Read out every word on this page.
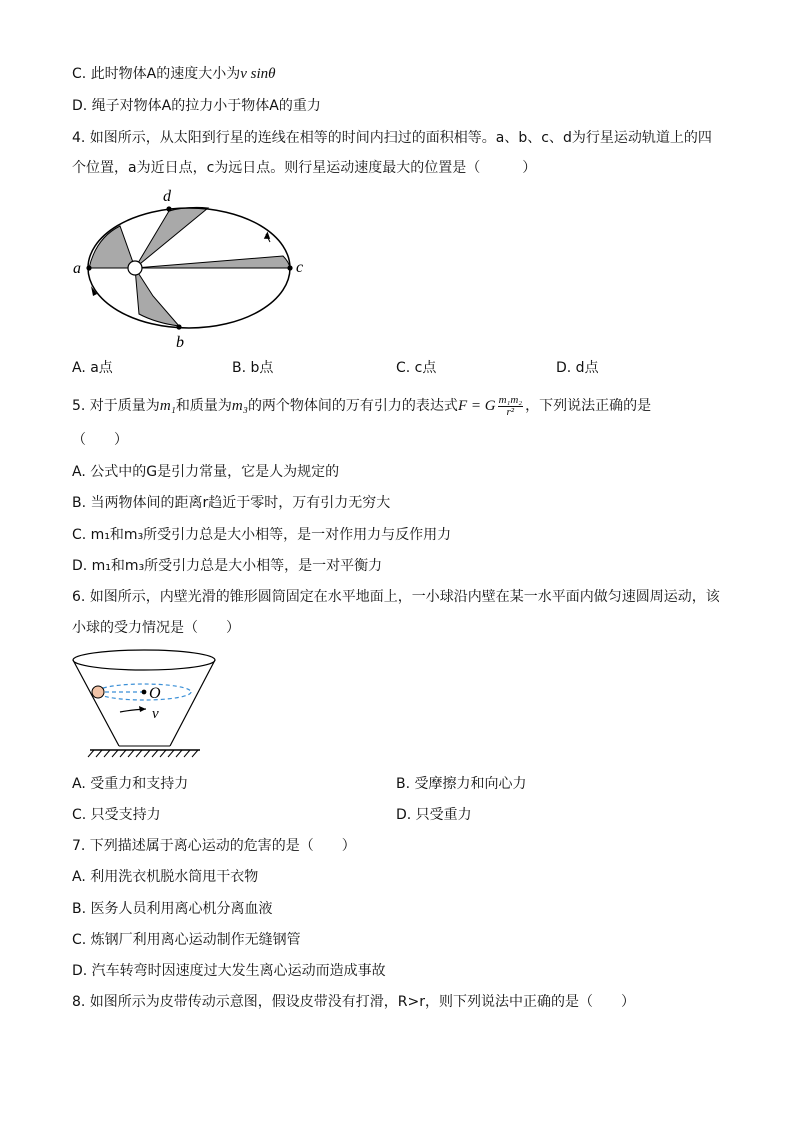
C. 此时物体A的速度大小为v sinθ
D. 绳子对物体A的拉力小于物体A的重力
4. 如图所示，从太阳到行星的连线在相等的时间内扫过的面积相等。a、b、c、d为行星运动轨道上的四
个位置，a为近日点，c为远日点。则行星运动速度最大的位置是（　　　）
a
d
b
c
A. a点	B. b点	C. c点	D. d点
5. 对于质量为m₁和质量为m₃的两个物体间的万有引力的表达式F = G $\frac{\text{m₁m₂}}{\text{r²}}$ ，下列说法正确的是
（　　）
A. 公式中的G是引力常量，它是人为规定的
B. 当两物体间的距离r趋近于零时，万有引力无穷大
C. m₁和m₃所受引力总是大小相等，是一对作用力与反作用力
D. m₁和m₃所受引力总是大小相等，是一对平衡力
6. 如图所示，内壁光滑的锥形圆筒固定在水平地面上，一小球沿内壁在某一水平面内做匀速圆周运动，该
小球的受力情况是（　　）
O
v
A. 受重力和支持力	B. 受摩擦力和向心力
C. 只受支持力	D. 只受重力
7. 下列描述属于离心运动的危害的是（　　）
A. 利用洗衣机脱水筒甩干衣物
B. 医务人员利用离心机分离血液
C. 炼钢厂利用离心运动制作无缝钢管
D. 汽车转弯时因速度过大发生离心运动而造成事故
8. 如图所示为皮带传动示意图，假设皮带没有打滑，R>r，则下列说法中正确的是（　　）
